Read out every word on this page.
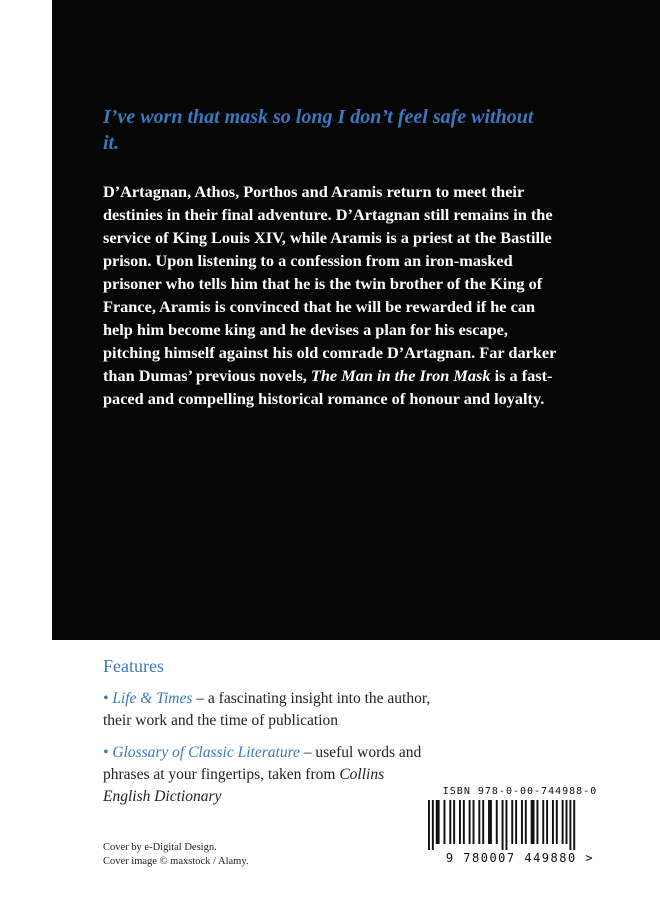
I’ve worn that mask so long I don’t feel safe without it.

D’Artagnan, Athos, Porthos and Aramis return to meet their destinies in their final adventure. D’Artagnan still remains in the service of King Louis XIV, while Aramis is a priest at the Bastille prison. Upon listening to a confession from an iron-masked prisoner who tells him that he is the twin brother of the King of France, Aramis is convinced that he will be rewarded if he can help him become king and he devises a plan for his escape, pitching himself against his old comrade D’Artagnan. Far darker than Dumas’ previous novels, The Man in the Iron Mask is a fast-paced and compelling historical romance of honour and loyalty.

Features

• Life & Times – a fascinating insight into the author, their work and the time of publication

• Glossary of Classic Literature – useful words and phrases at your fingertips, taken from Collins English Dictionary

Cover by e-Digital Design.
Cover image © maxstock / Alamy.
ISBN 978-0-00-744988-0
9 780007 449880 >
